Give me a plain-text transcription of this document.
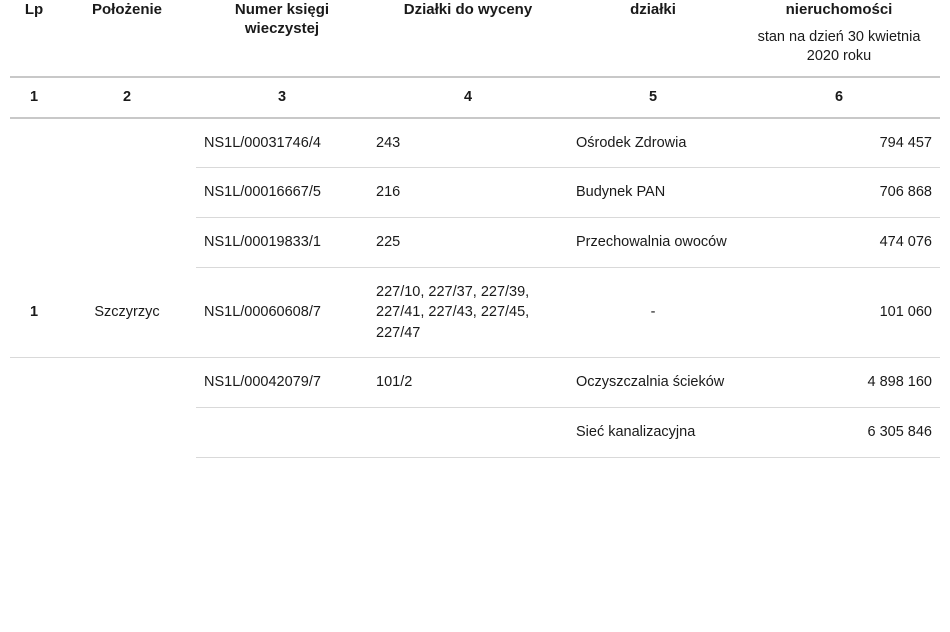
Lp	Położenie	Numer księgi wieczystej	Działki do wyceny	działki	nieruchomości
stan na dzień 30 kwietnia 2020 roku

1	2	3	4	5	6
		NS1L/00031746/4	243	Ośrodek Zdrowia	794 457
		NS1L/00016667/5	216	Budynek PAN	706 868
		NS1L/00019833/1	225	Przechowalnia owoców	474 076
1	Szczyrzyc	NS1L/00060608/7	227/10, 227/37, 227/39, 227/41, 227/43, 227/45, 227/47	-	101 060
		NS1L/00042079/7	101/2	Oczyszczalnia ścieków	4 898 160
				Sieć kanalizacyjna	6 305 846
